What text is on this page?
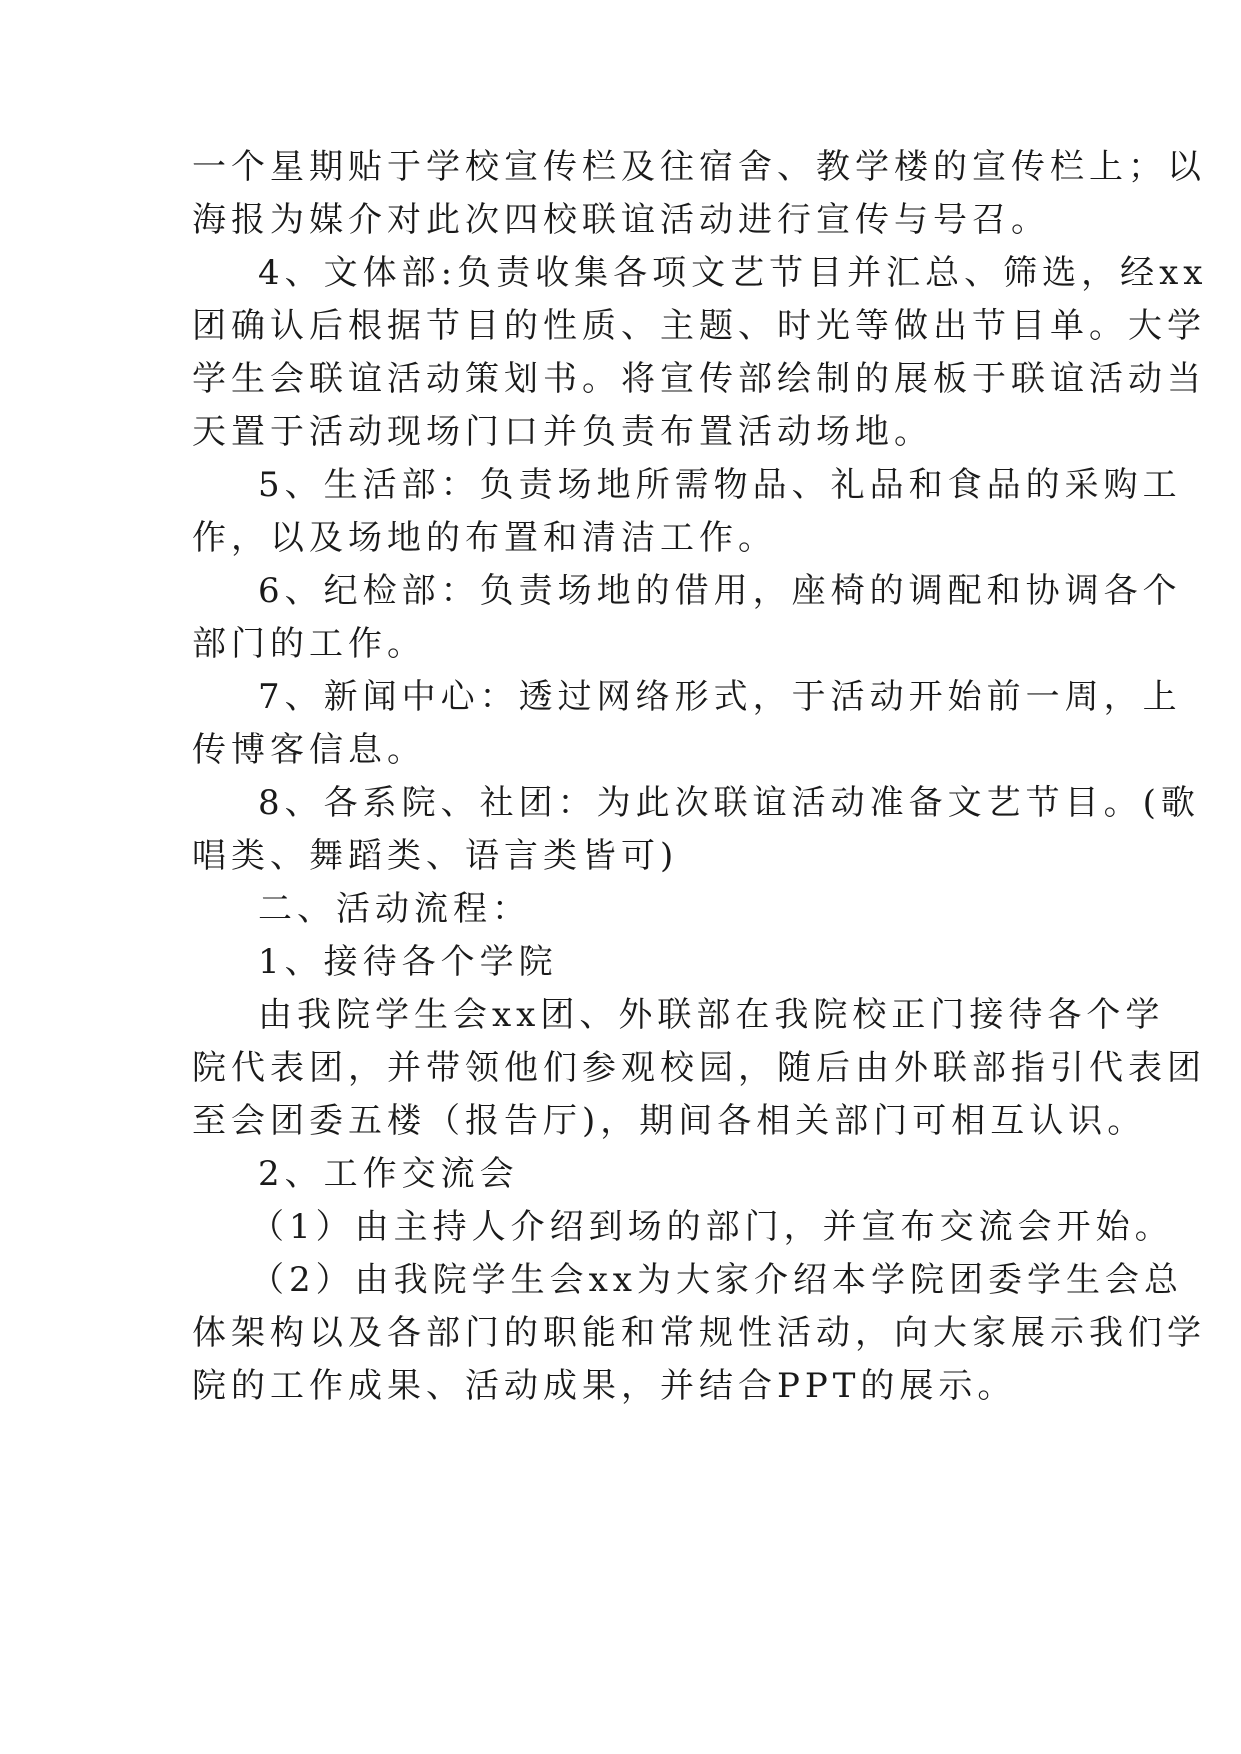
一个星期贴于学校宣传栏及往宿舍、教学楼的宣传栏上；以

海报为媒介对此次四校联谊活动进行宣传与号召。

4、文体部:负责收集各项文艺节目并汇总、筛选，经xx

团确认后根据节目的性质、主题、时光等做出节目单。大学

学生会联谊活动策划书。将宣传部绘制的展板于联谊活动当

天置于活动现场门口并负责布置活动场地。

5、生活部：负责场地所需物品、礼品和食品的采购工

作，以及场地的布置和清洁工作。

6、纪检部：负责场地的借用，座椅的调配和协调各个

部门的工作。

7、新闻中心：透过网络形式，于活动开始前一周，上

传博客信息。

8、各系院、社团：为此次联谊活动准备文艺节目。(歌

唱类、舞蹈类、语言类皆可)

二、活动流程：

1、接待各个学院

由我院学生会xx团、外联部在我院校正门接待各个学

院代表团，并带领他们参观校园，随后由外联部指引代表团

至会团委五楼（报告厅)，期间各相关部门可相互认识。

2、工作交流会

（1）由主持人介绍到场的部门，并宣布交流会开始。

（2）由我院学生会xx为大家介绍本学院团委学生会总

体架构以及各部门的职能和常规性活动，向大家展示我们学

院的工作成果、活动成果，并结合PPT的展示。
